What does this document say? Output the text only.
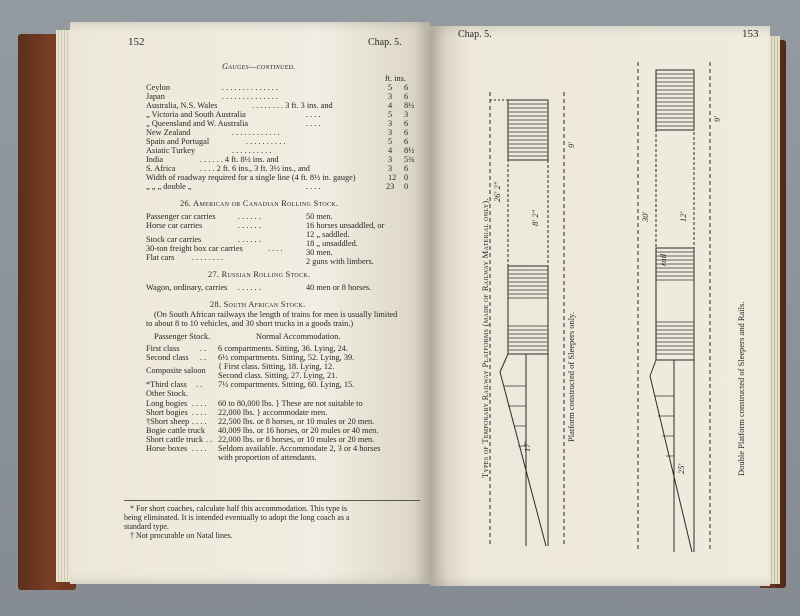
152	Chap. 5.
Gauges—continued.
ft. ins.
Ceylon	. . . . . . . . . . . . . .	5 6
Japan	. . . . . . . . . . . . . .	3 6
Australia, N.S. Wales	. . . . . . . . 3 ft. 3 ins. and	4 8½
„ Victoria and South Australia	. . . .	5 3
„ Queensland and W. Australia	. . . .	3 6
New Zealand	. . . . . . . . . . . .	3 6
Spain and Portugal	. . . . . . . . . .	5 6
Asiatic Turkey	. . . . . . . . . .	4 8½
India	. . . . . . 4 ft. 8½ ins. and	3 5¾
S. Africa	. . . . 2 ft. 6 ins., 3 ft. 3½ ins., and	3 6
Width of roadway required for a single line (4 ft. 8½ in. gauge)	12 0
„ „ „ double „	. . . .	23 0
26. American or Canadian Rolling Stock.
Passenger car carries	. . . . . .	50 men.
Horse car carries	. . . . . .	16 horses unsaddled, or
12 „ saddled.
Stock car carries	. . . . . .	18 „ unsaddled.
30-ton freight box car carries	. . . .	30 men.
Flat cars . . . . . . . .	2 guns with limbers.
27. Russian Rolling Stock.
Wagon, ordinary, carries . . . . . .	40 men or 8 horses.
28. South African Stock.
(On South African railways the length of trains for men is usually limited
to about 8 to 10 vehicles, and 30 short trucks in a goods train.)
Passenger Stock.	Normal Accommodation.
First class . . 6 compartments. Sitting, 36. Lying, 24.
Second class . . 6½ compartments. Sitting, 52. Lying, 39.
Composite saloon { First class. Sitting, 18. Lying, 12.
Second class. Sitting, 27. Lying, 21.
*Third class . . 7½ compartments. Sitting, 60. Lying, 15.
Other Stock.
Long bogies . . . . 60 to 80,000 lbs. } These are not suitable to
Short bogies . . . . 22,000 lbs. } accommodate men.
†Short sheep . . . . 22,500 lbs. or 8 horses, or 10 mules or 20 men.
Bogie cattle truck 40,009 lbs. or 16 horses, or 20 mules or 40 men.
Short cattle truck . . 22,000 lbs. or 8 horses, or 10 mules or 20 men.
Horse boxes . . . . Seldom available. Accommodate 2, 3 or 4 horses
with proportion of attendants.
* For short coaches, calculate half this accommodation. This type is
being eliminated. It is intended eventually to adopt the long coach as a
standard type.
† Not procurable on Natal lines.
Chap. 5.	153
Types of Temporary Railway Platforms (made of Railway Material only).	Platform constructed of Sleepers only.	Double Platform constructed of Sleepers and Rails.
26' 2"
9'
8' 2"
17'
30'
9'
12'
rail
25'
